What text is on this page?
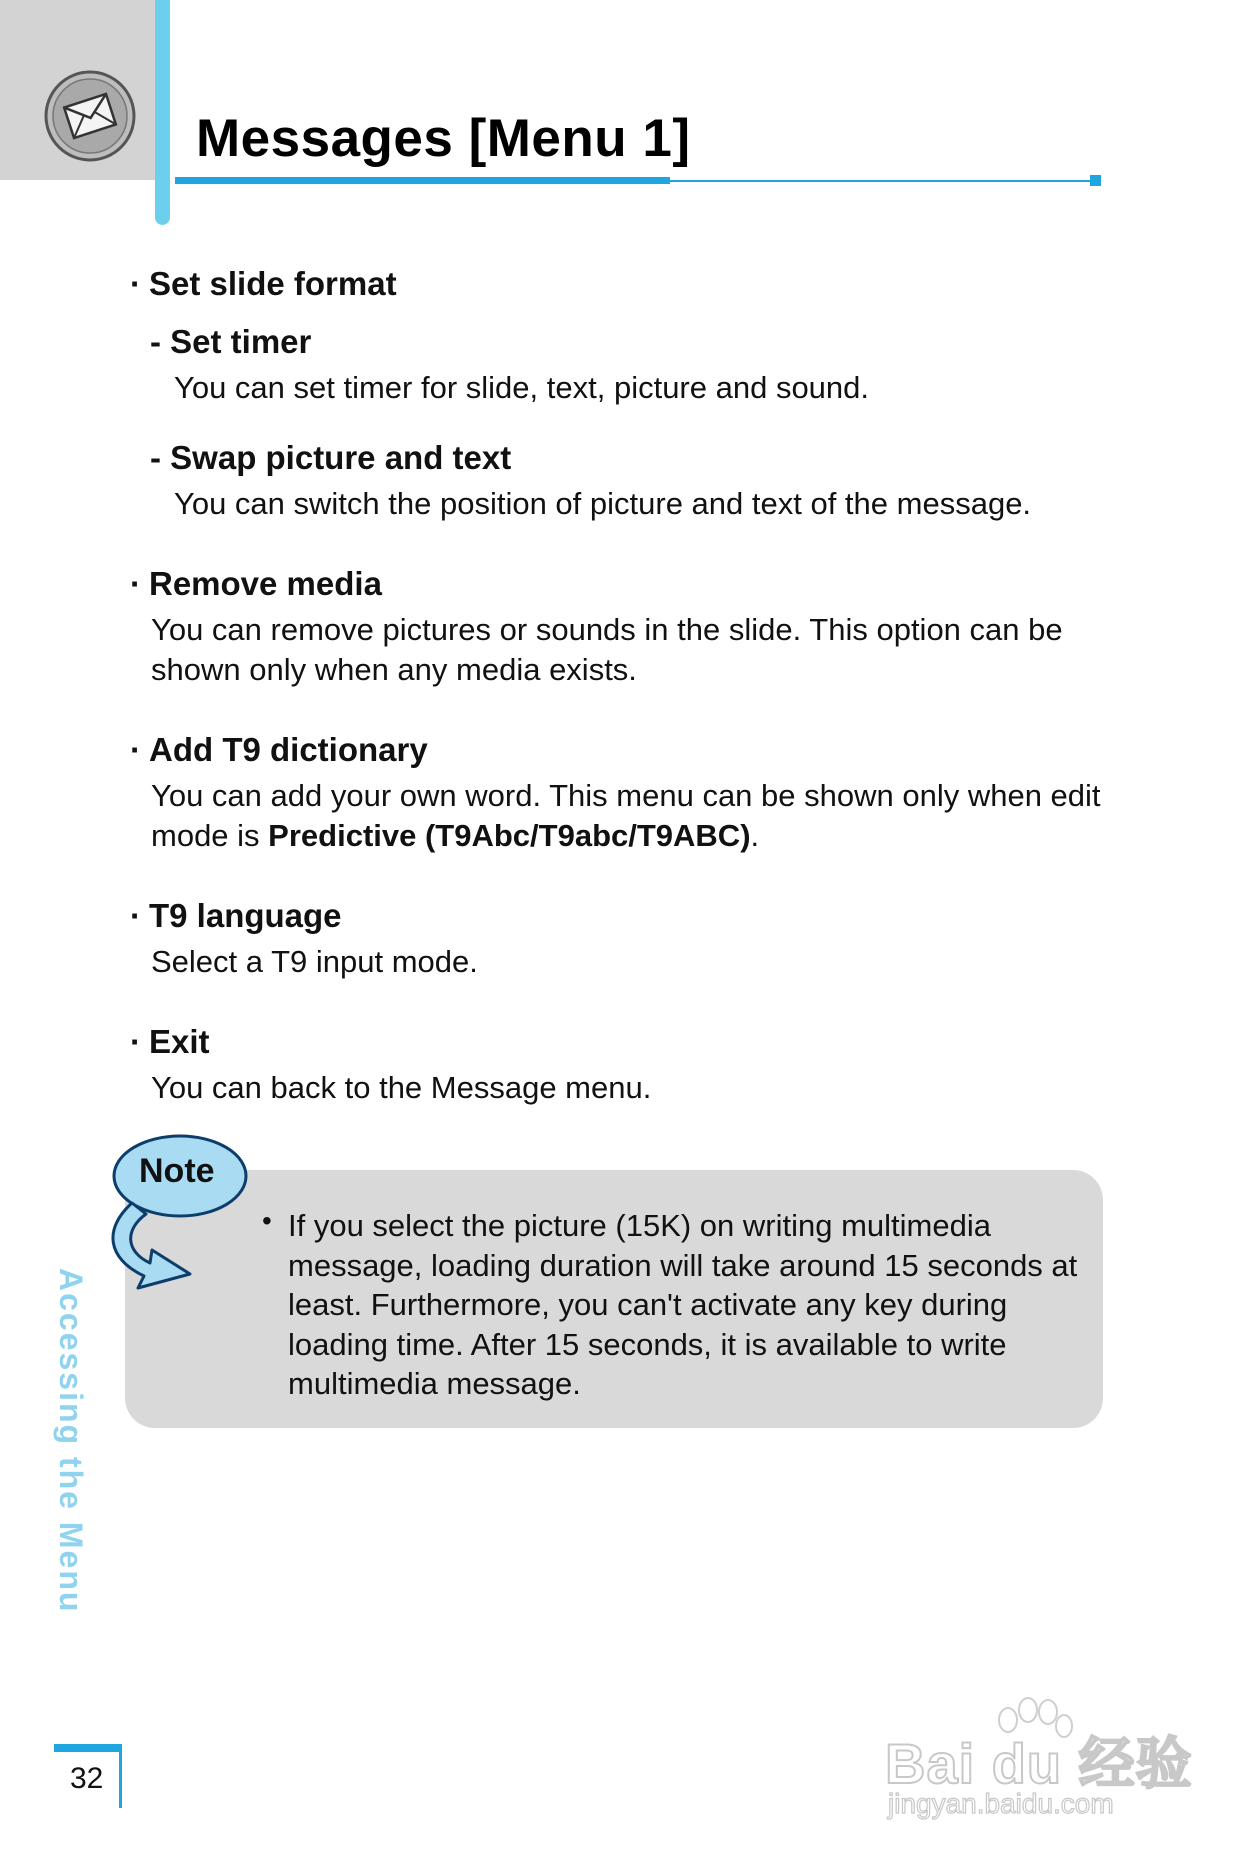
Messages [Menu 1]
· Set slide format
- Set timer
You can set timer for slide, text, picture and sound.
- Swap picture and text
You can switch the position of picture and text of the message.
· Remove media
You can remove pictures or sounds in the slide. This option can be shown only when any media exists.
· Add T9 dictionary
You can add your own word. This menu can be shown only when edit mode is Predictive (T9Abc/T9abc/T9ABC).
· T9 language
Select a T9 input mode.
· Exit
You can back to the Message menu.
Note
• If you select the picture (15K) on writing multimedia message, loading duration will take around 15 seconds at least. Furthermore, you can't activate any key during loading time. After 15 seconds, it is available to write multimedia message.
Accessing the Menu
32	Bai du 经验
jingyan.baidu.com
